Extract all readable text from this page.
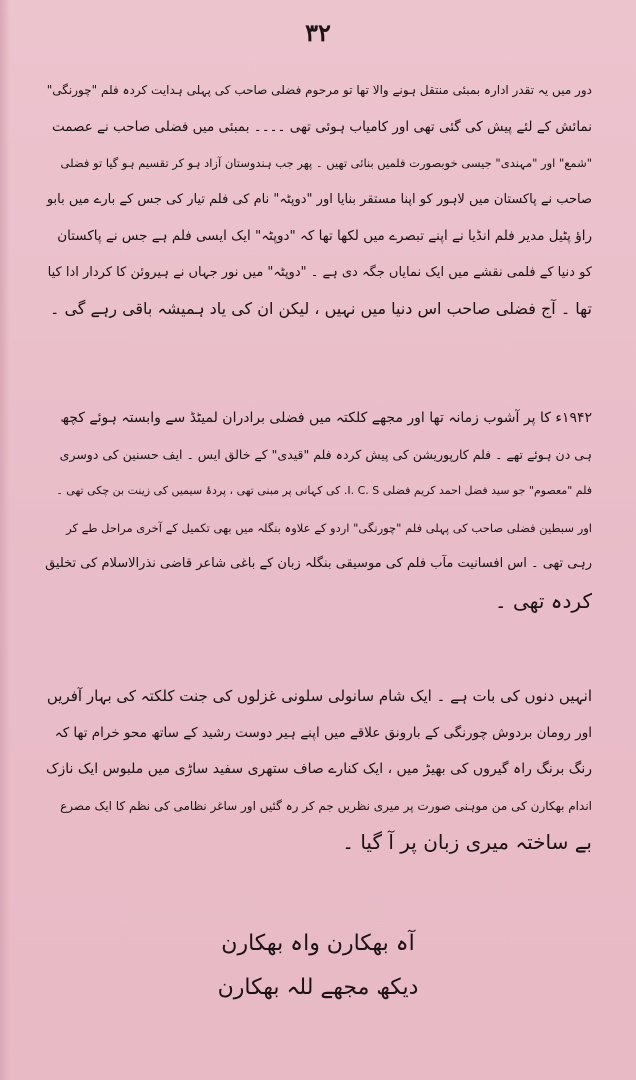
۳۲
دور میں یہ تقدر ادارہ بمبئی منتقل ہونے والا تھا تو مرحوم فضلی صاحب کی پہلی ہدایت کردہ فلم "چورنگی"
نمائش کے لئے پیش کی گئی تھی اور کامیاب ہوئی تھی ۔۔۔۔ بمبئی میں فضلی صاحب نے عصمت
"شمع" اور "مہندی" جیسی خوبصورت فلمیں بنائی تھیں ۔ پھر جب ہندوستان آزاد ہو کر تقسیم ہو گیا تو فضلی
صاحب نے پاکستان میں لاہور کو اپنا مستقر بنایا اور "دوپٹہ" نام کی فلم تیار کی جس کے بارے میں بابو
راؤ پٹیل مدیر فلم انڈیا نے اپنے تبصرے میں لکھا تھا کہ "دوپٹہ" ایک ایسی فلم ہے جس نے پاکستان
کو دنیا کے فلمی نقشے میں ایک نمایاں جگہ دی ہے ۔ "دوپٹہ" میں نور جہاں نے ہیروئن کا کردار ادا کیا
تھا ۔ آج فضلی صاحب اس دنیا میں نہیں ، لیکن ان کی یاد ہمیشہ باقی رہے گی ۔
۱۹۴۲ء کا پر آشوب زمانہ تھا اور مجھے کلکتہ میں فضلی برادران لمیٹڈ سے وابستہ ہوئے کچھ
ہی دن ہوئے تھے ۔ فلم کارپوریشن کی پیش کردہ فلم "قیدی" کے خالق ایس ۔ ایف حسنین کی دوسری
فلم "معصوم" جو سید فضل احمد کریم فضلی I. C. S. کی کہانی پر مبنی تھی ، پردۂ سیمیں کی زینت بن چکی تھی ۔
اور سبطین فضلی صاحب کی پہلی فلم "چورنگی" اردو کے علاوہ بنگلہ میں بھی تکمیل کے آخری مراحل طے کر
رہی تھی ۔ اس افسانیت مآب فلم کی موسیقی بنگلہ زبان کے باغی شاعر قاضی نذرالاسلام کی تخلیق
کردہ تھی ۔
انہیں دنوں کی بات ہے ۔ ایک شام سانولی سلونی غزلوں کی جنت کلکتہ کی بہار آفریں
اور رومان بردوش چورنگی کے بارونق علاقے میں اپنے ہیر دوست رشید کے ساتھ محو خرام تھا کہ
رنگ برنگ راہ گیروں کی بھیڑ میں ، ایک کنارے صاف ستھری سفید ساڑی میں ملبوس ایک نازک
اندام بھکارن کی من موہنی صورت پر میری نظریں جم کر رہ گئیں اور ساغر نظامی کی نظم کا ایک مصرع
بے ساختہ میری زبان پر آ گیا ۔
آہ بھکارن واہ بھکارن
دیکھ مجھے للہ بھکارن
